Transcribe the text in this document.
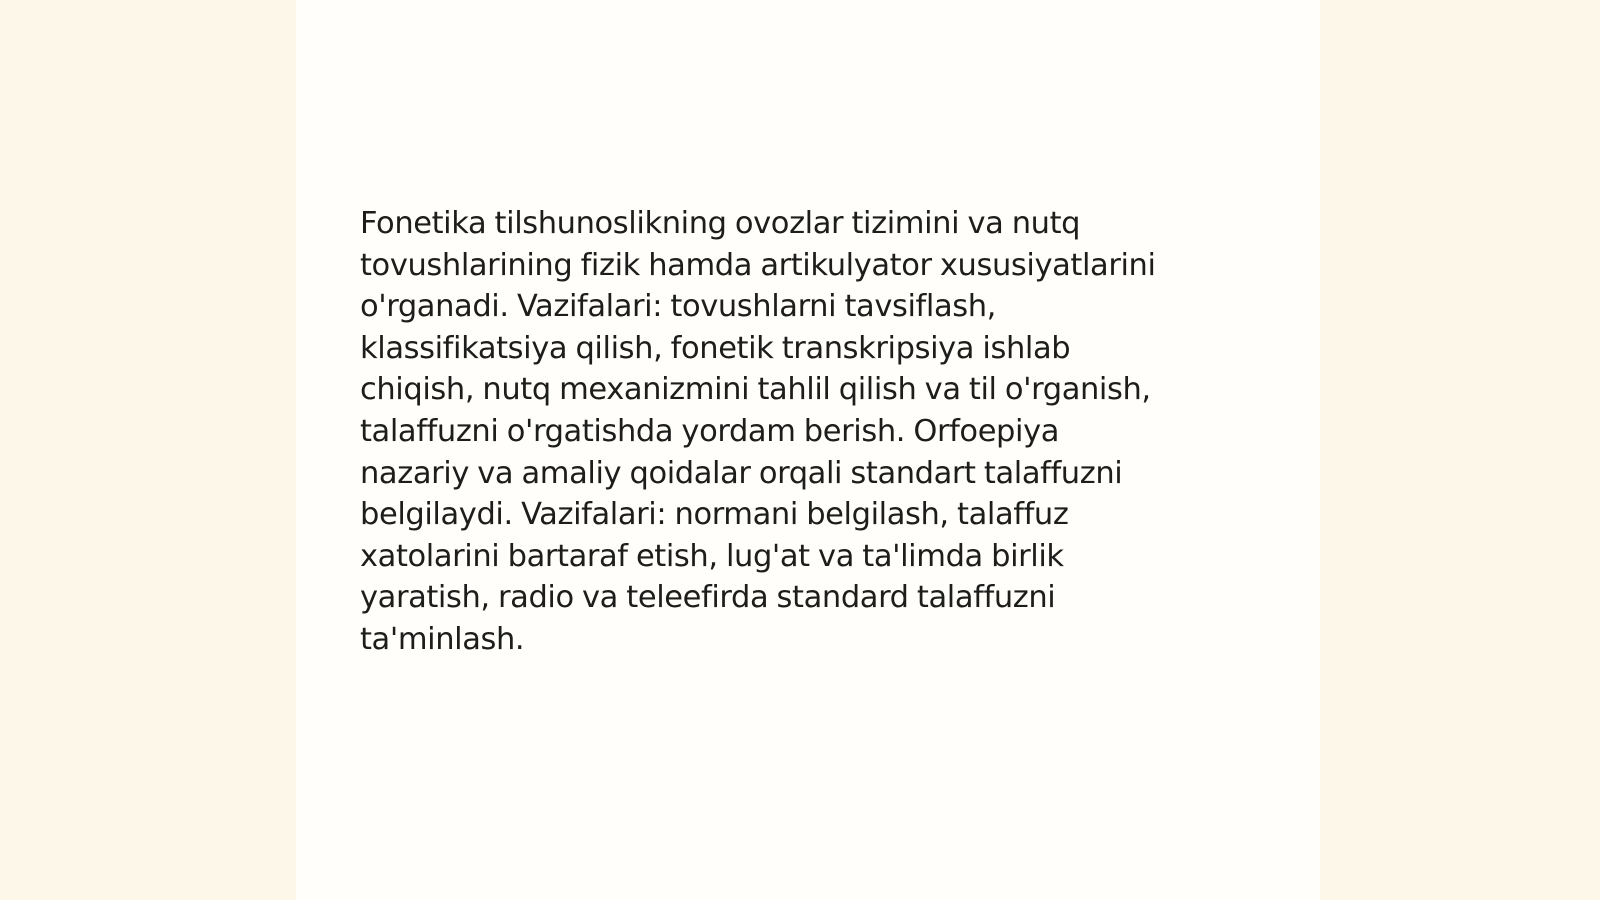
Fonetika tilshunoslikning ovozlar tizimini va nutq
tovushlarining fizik hamda artikulyator xususiyatlarini
o'rganadi. Vazifalari: tovushlarni tavsiflash,
klassifikatsiya qilish, fonetik transkripsiya ishlab
chiqish, nutq mexanizmini tahlil qilish va til o'rganish,
talaffuzni o'rgatishda yordam berish. Orfoepiya
nazariy va amaliy qoidalar orqali standart talaffuzni
belgilaydi. Vazifalari: normani belgilash, talaffuz
xatolarini bartaraf etish, lug'at va ta'limda birlik
yaratish, radio va teleefirda standard talaffuzni
ta'minlash.
